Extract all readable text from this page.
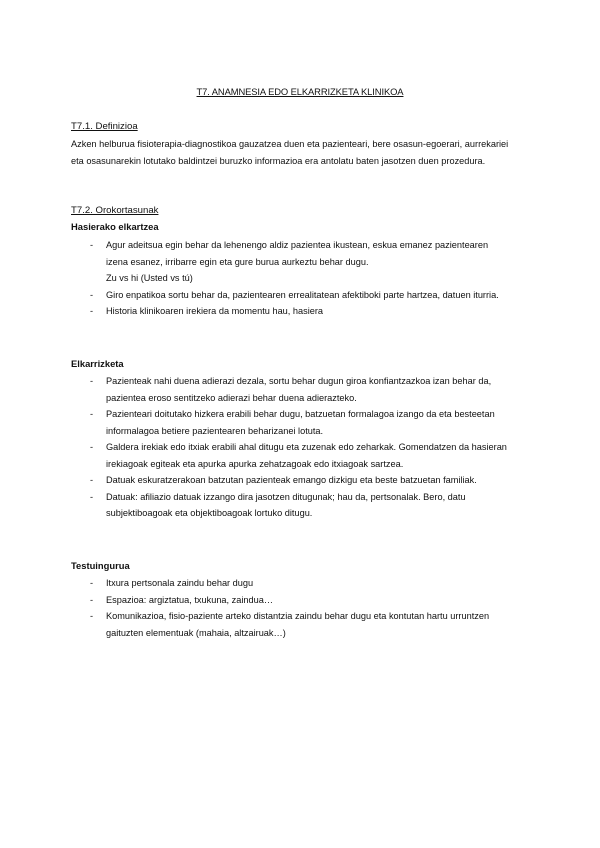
T7. ANAMNESIA EDO ELKARRIZKETA KLINIKOA
T7.1. Definizioa

Azken helburua fisioterapia-diagnostikoa gauzatzea duen eta pazienteari, bere osasun-egoerari, aurrekariei eta osasunarekin lotutako baldintzei buruzko informazioa era antolatu baten jasotzen duen prozedura.

T7.2. Orokortasunak

Hasierako elkartzea

- Agur adeitsua egin behar da lehenengo aldiz pazientea ikustean, eskua emanez pazientearen izena esanez, irribarre egin eta gure burua aurkeztu behar dugu.
Zu vs hi (Usted vs tú)
- Giro enpatikoa sortu behar da, pazientearen errealitatean afektiboki parte hartzea, datuen iturria.
- Historia klinikoaren irekiera da momentu hau, hasiera

Elkarrizketa

- Pazienteak nahi duena adierazi dezala, sortu behar dugun giroa konfiantzazkoa izan behar da, pazientea eroso sentitzeko adierazi behar duena adierazteko.
- Pazienteari doitutako hizkera erabili behar dugu, batzuetan formalagoa izango da eta besteetan informalagoa betiere pazientearen beharizanei lotuta.
- Galdera irekiak edo itxiak erabili ahal ditugu eta zuzenak edo zeharkak. Gomendatzen da hasieran irekiagoak egiteak eta apurka apurka zehatzagoak edo itxiagoak sartzea.
- Datuak eskuratzerakoan batzutan pazienteak emango dizkigu eta beste batzuetan familiak.
- Datuak: afiliazio datuak izzango dira jasotzen ditugunak; hau da, pertsonalak. Bero, datu subjektiboagoak eta objektiboagoak lortuko ditugu.

Testuingurua

- Itxura pertsonala zaindu behar dugu
- Espazioa: argiztatua, txukuna, zaindua…
- Komunikazioa, fisio-paziente arteko distantzia zaindu behar dugu eta kontutan hartu urruntzen gaituzten elementuak (mahaia, altzairuak…)
